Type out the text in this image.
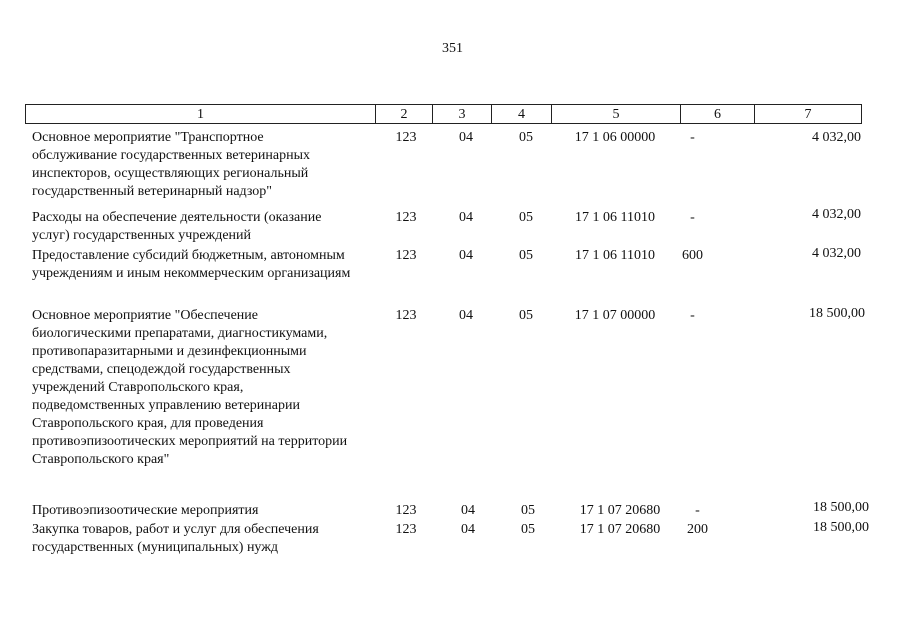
351
1	2	3	4	5	6	7
Основное мероприятие "Транспортное
обслуживание государственных ветеринарных
инспекторов, осуществляющих региональный
государственный ветеринарный надзор"
123	04	05	17 1 06 00000	-	4 032,00
Расходы на обеспечение деятельности (оказание
услуг) государственных учреждений
123	04	05	17 1 06 11010	-	4 032,00
Предоставление субсидий бюджетным, автономным
учреждениям и иным некоммерческим организациям
123	04	05	17 1 06 11010	600	4 032,00
Основное мероприятие "Обеспечение
биологическими препаратами, диагностикумами,
противопаразитарными и дезинфекционными
средствами, спецодеждой государственных
учреждений Ставропольского края,
подведомственных управлению ветеринарии
Ставропольского края, для проведения
противоэпизоотических мероприятий на территории
Ставропольского края"
123	04	05	17 1 07 00000	-	18 500,00
Противоэпизоотические мероприятия	123	04	05	17 1 07 20680	-	18 500,00
Закупка товаров, работ и услуг для обеспечения
государственных (муниципальных) нужд
123	04	05	17 1 07 20680	200	18 500,00
